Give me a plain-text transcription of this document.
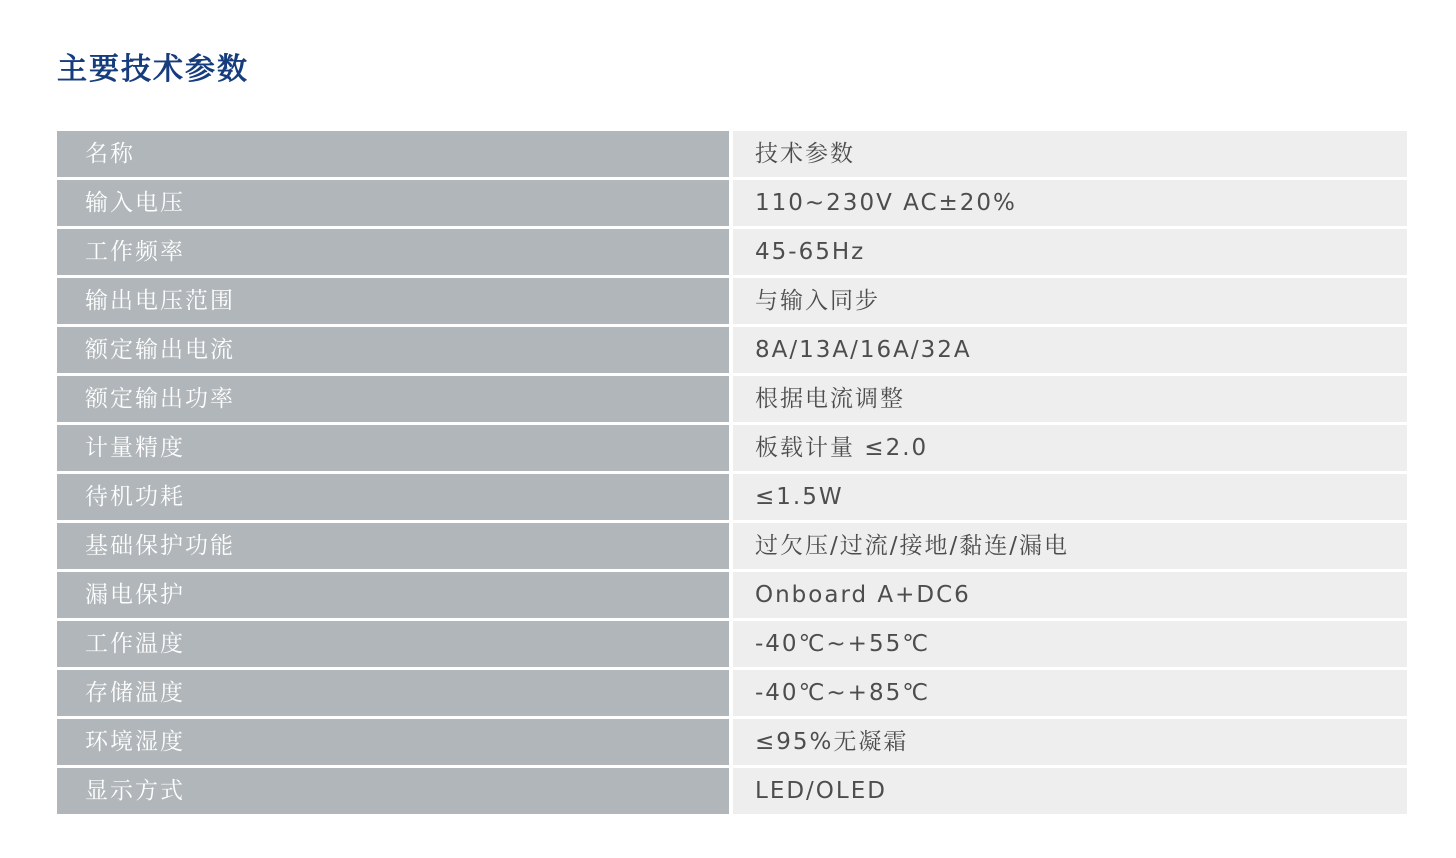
主要技术参数
名称	技术参数
输入电压	110~230V AC±20%
工作频率	45-65Hz
输出电压范围	与输入同步
额定输出电流	8A/13A/16A/32A
额定输出功率	根据电流调整
计量精度	板载计量 ≤2.0
待机功耗	≤1.5W
基础保护功能	过欠压/过流/接地/黏连/漏电
漏电保护	Onboard A+DC6
工作温度	-40℃~+55℃
存储温度	-40℃~+85℃
环境湿度	≤95%无凝霜
显示方式	LED/OLED
